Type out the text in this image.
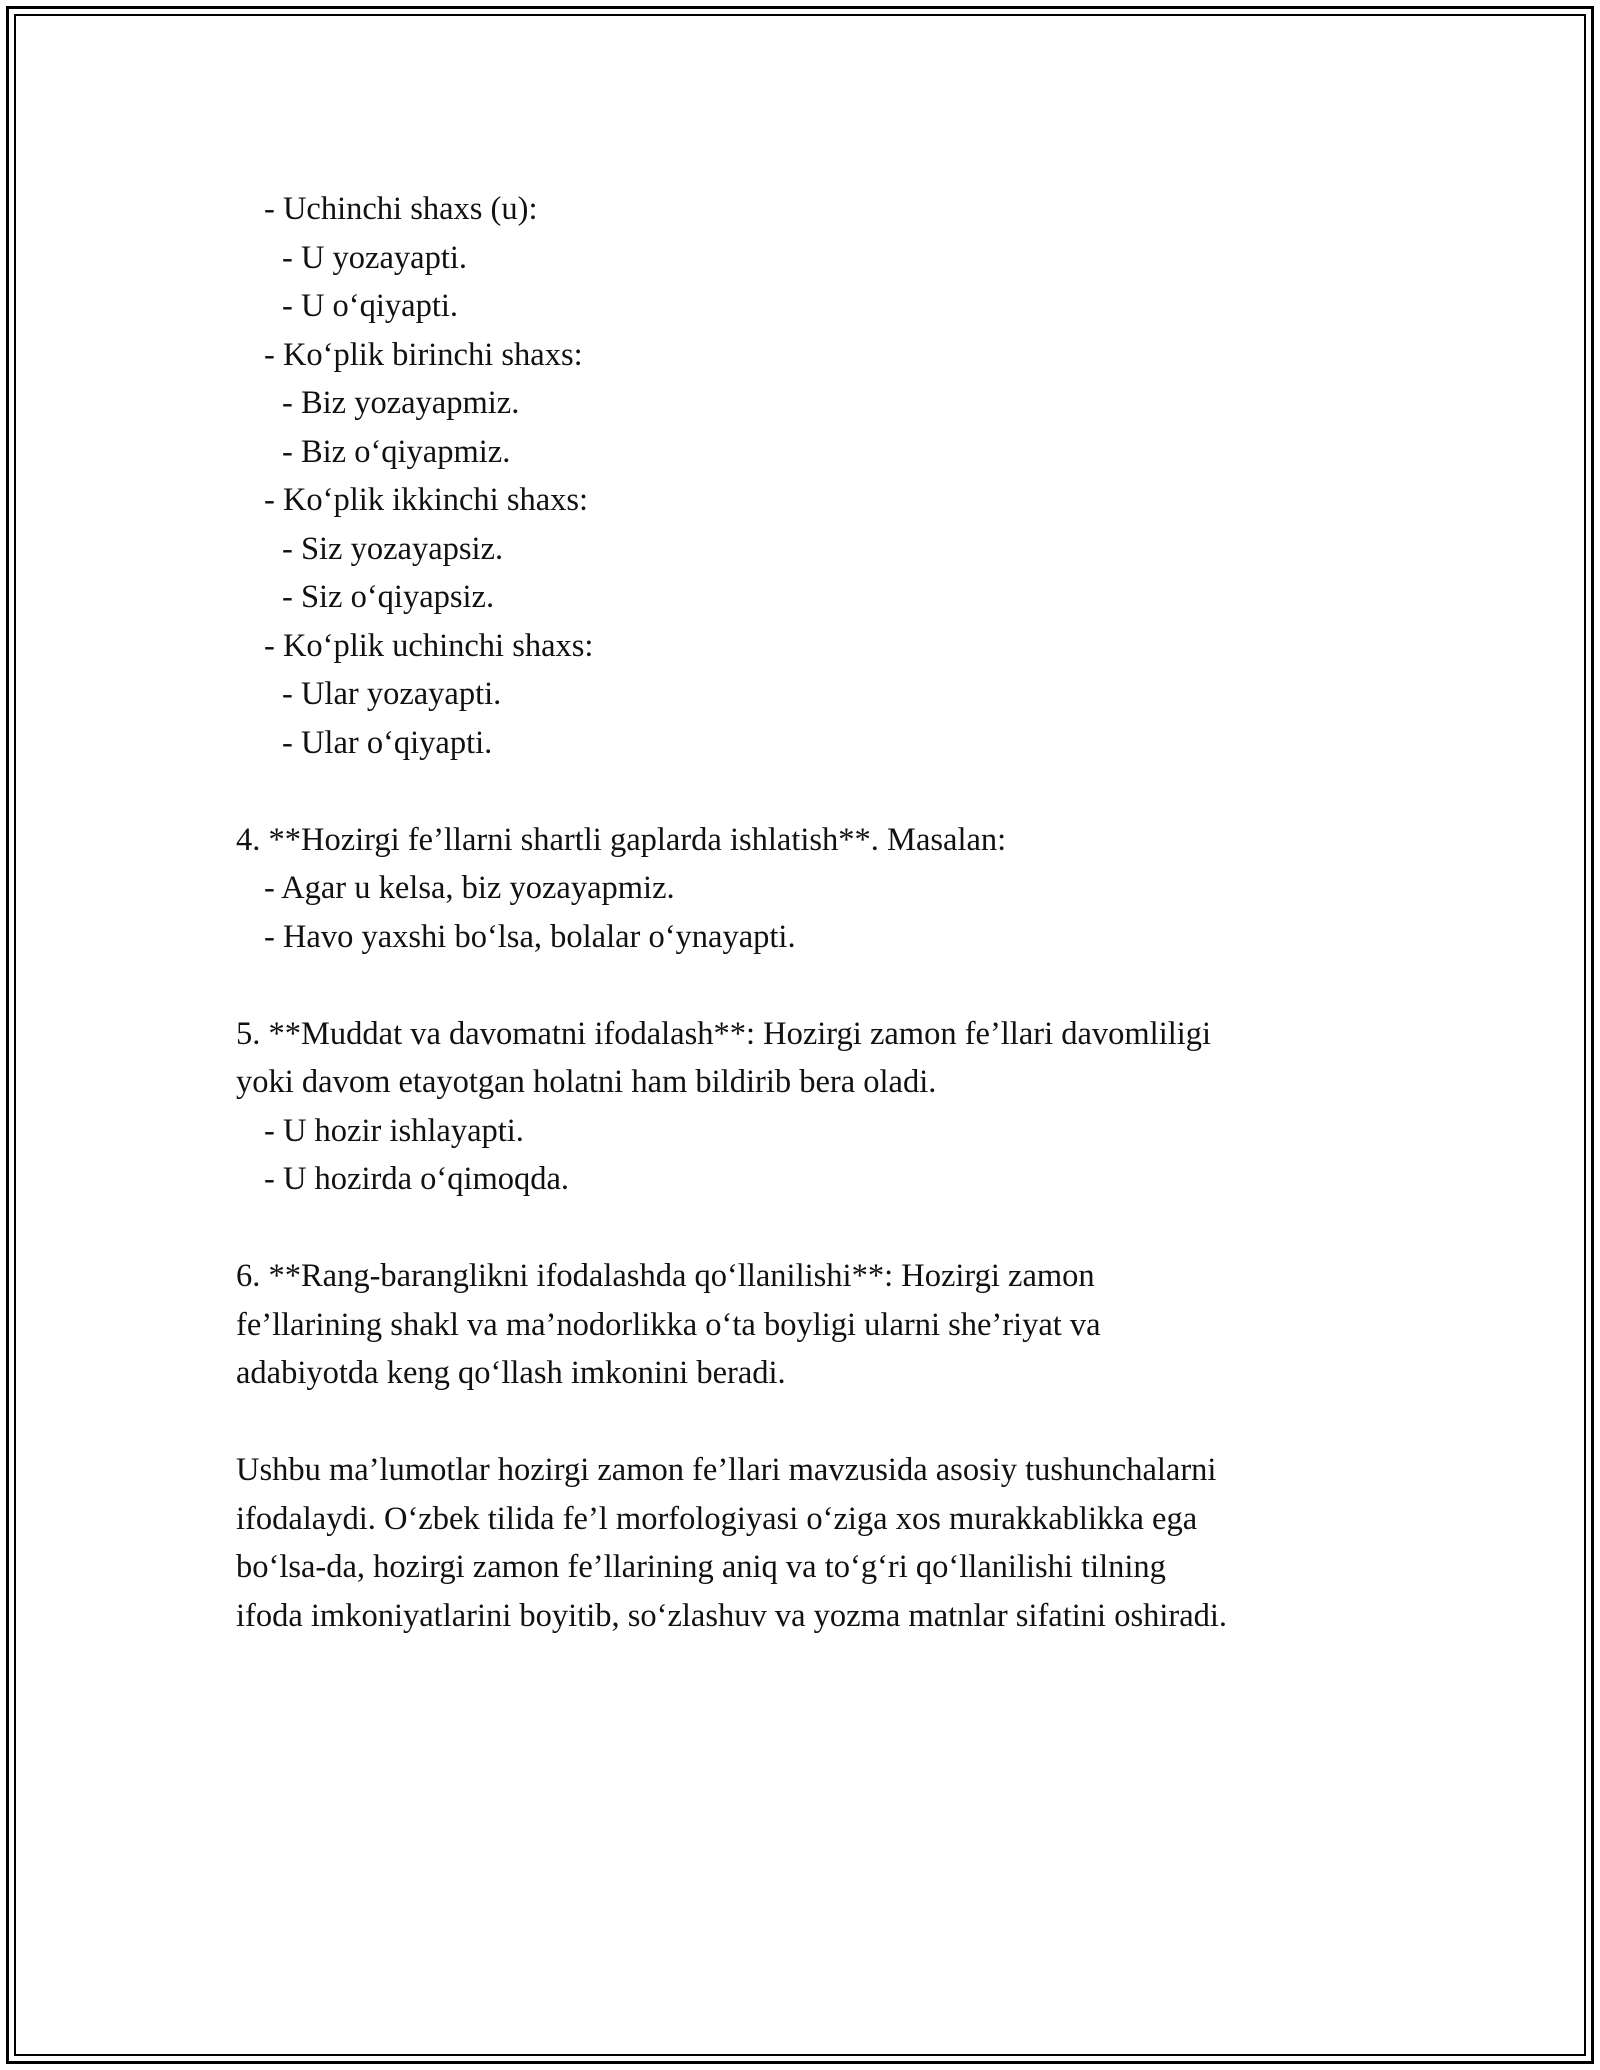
- Uchinchi shaxs (u):
- U yozayapti.
- U o‘qiyapti.
- Ko‘plik birinchi shaxs:
- Biz yozayapmiz.
- Biz o‘qiyapmiz.
- Ko‘plik ikkinchi shaxs:
- Siz yozayapsiz.
- Siz o‘qiyapsiz.
- Ko‘plik uchinchi shaxs:
- Ular yozayapti.
- Ular o‘qiyapti.
4. **Hozirgi fe’llarni shartli gaplarda ishlatish**. Masalan:
- Agar u kelsa, biz yozayapmiz.
- Havo yaxshi bo‘lsa, bolalar o‘ynayapti.
5. **Muddat va davomatni ifodalash**: Hozirgi zamon fe’llari davomliligi
yoki davom etayotgan holatni ham bildirib bera oladi.
- U hozir ishlayapti.
- U hozirda o‘qimoqda.
6. **Rang-baranglikni ifodalashda qo‘llanilishi**: Hozirgi zamon
fe’llarining shakl va ma’nodorlikka o‘ta boyligi ularni she’riyat va
adabiyotda keng qo‘llash imkonini beradi.
Ushbu ma’lumotlar hozirgi zamon fe’llari mavzusida asosiy tushunchalarni
ifodalaydi. O‘zbek tilida fe’l morfologiyasi o‘ziga xos murakkablikka ega
bo‘lsa-da, hozirgi zamon fe’llarining aniq va to‘g‘ri qo‘llanilishi tilning
ifoda imkoniyatlarini boyitib, so‘zlashuv va yozma matnlar sifatini oshiradi.
